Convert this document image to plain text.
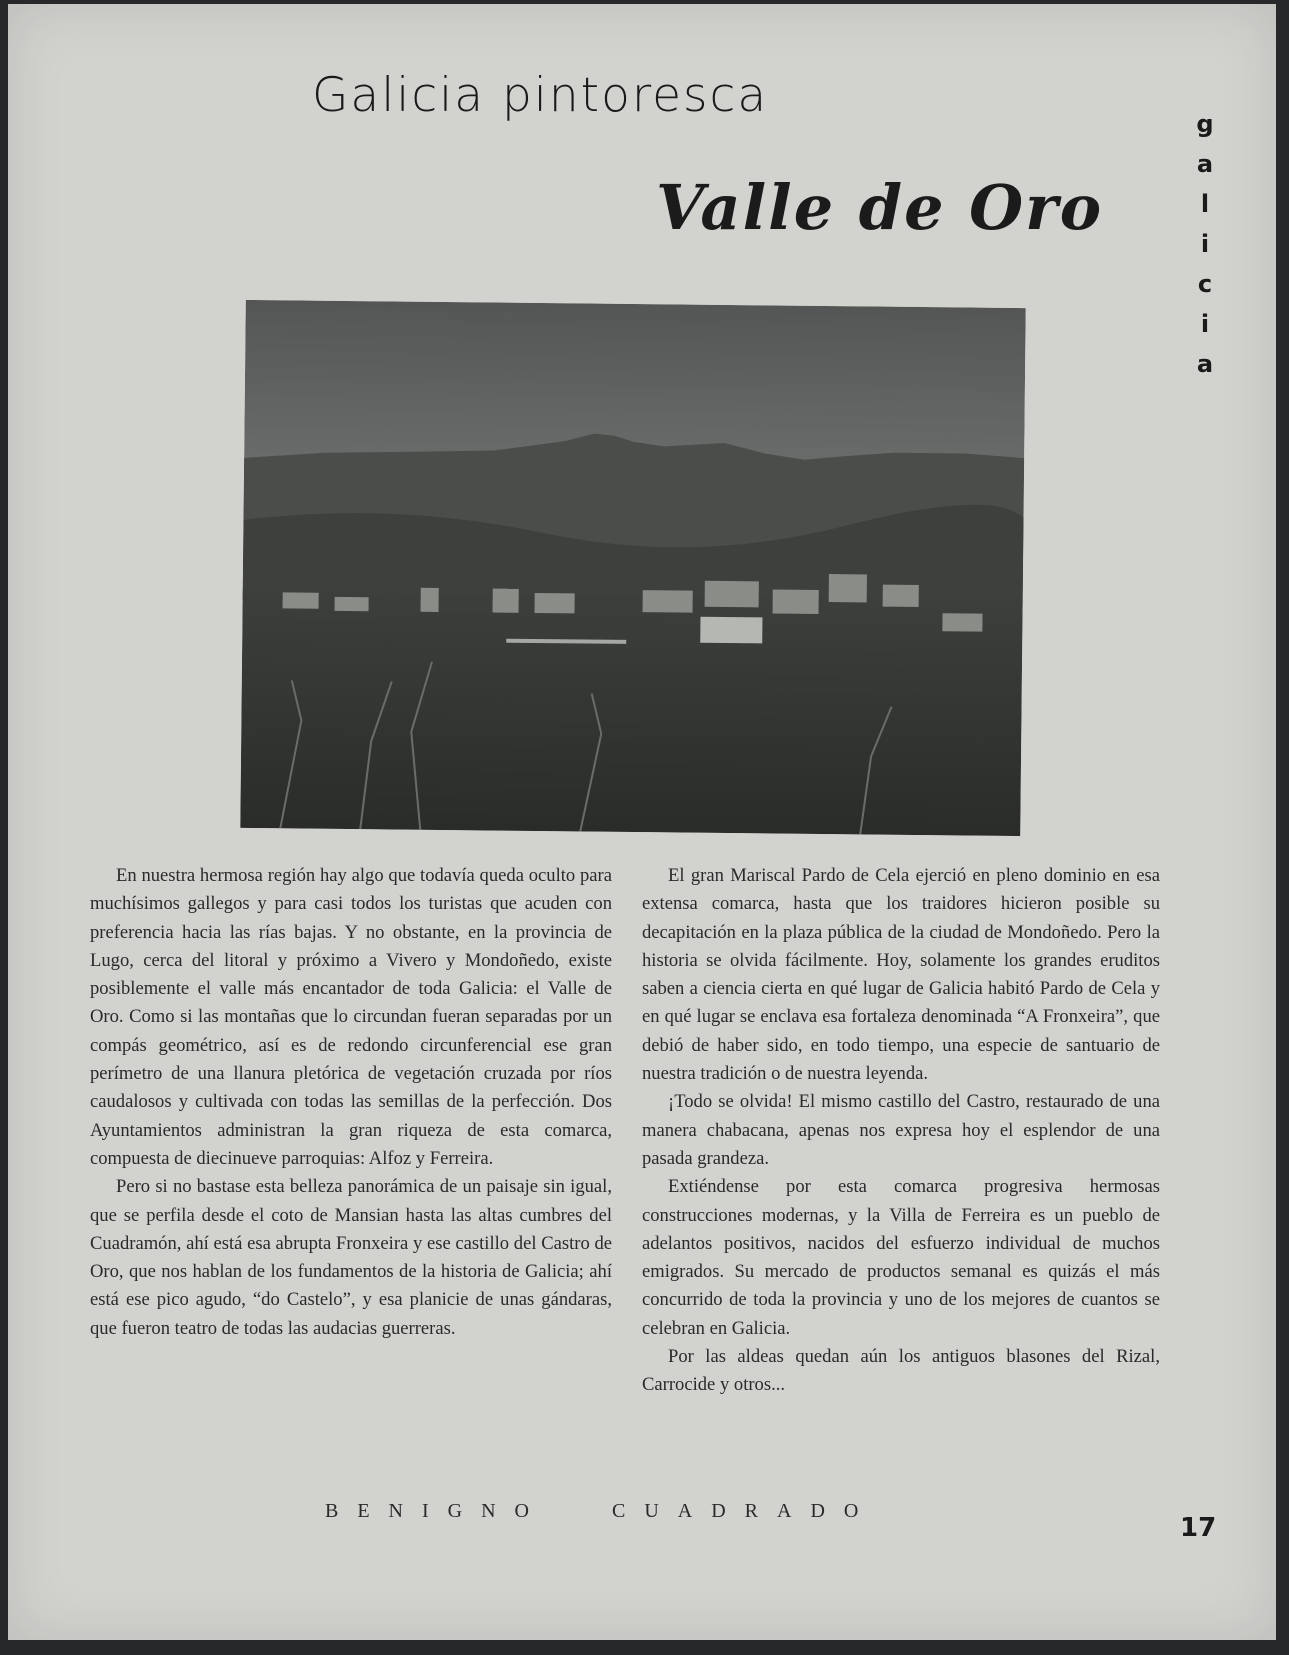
Galicia pintoresca
Valle de Oro
g
a
l
i
c
i
a

En nuestra hermosa región hay algo que todavía queda oculto para muchísimos gallegos y para casi todos los turistas que acuden con preferencia hacia las rías bajas. Y no obstante, en la provincia de Lugo, cerca del litoral y próximo a Vivero y Mondoñedo, existe posiblemente el valle más encantador de toda Galicia: el Valle de Oro. Como si las montañas que lo circundan fueran separadas por un compás geométrico, así es de redondo circunferencial ese gran perímetro de una llanura pletórica de vegetación cruzada por ríos caudalosos y cultivada con todas las semillas de la perfección. Dos Ayuntamientos administran la gran riqueza de esta comarca, compuesta de diecinueve parroquias: Alfoz y Ferreira.

Pero si no bastase esta belleza panorámica de un paisaje sin igual, que se perfila desde el coto de Mansian hasta las altas cumbres del Cuadramón, ahí está esa abrupta Fronxeira y ese castillo del Castro de Oro, que nos hablan de los fundamentos de la historia de Galicia; ahí está ese pico agudo, “do Castelo”, y esa planicie de unas gándaras, que fueron teatro de todas las audacias guerreras.

El gran Mariscal Pardo de Cela ejerció en pleno dominio en esa extensa comarca, hasta que los traidores hicieron posible su decapitación en la plaza pública de la ciudad de Mondoñedo. Pero la historia se olvida fácilmente. Hoy, solamente los grandes eruditos saben a ciencia cierta en qué lugar de Galicia habitó Pardo de Cela y en qué lugar se enclava esa fortaleza denominada “A Fronxeira”, que debió de haber sido, en todo tiempo, una especie de santuario de nuestra tradición o de nuestra leyenda.

¡Todo se olvida! El mismo castillo del Castro, restaurado de una manera chabacana, apenas nos expresa hoy el esplendor de una pasada grandeza.

Extiéndense por esta comarca progresiva hermosas construcciones modernas, y la Villa de Ferreira es un pueblo de adelantos positivos, nacidos del esfuerzo individual de muchos emigrados. Su mercado de productos semanal es quizás el más concurrido de toda la provincia y uno de los mejores de cuantos se celebran en Galicia.

Por las aldeas quedan aún los antiguos blasones del Rizal, Carrocide y otros...

BENIGNO CUADRADO

17
